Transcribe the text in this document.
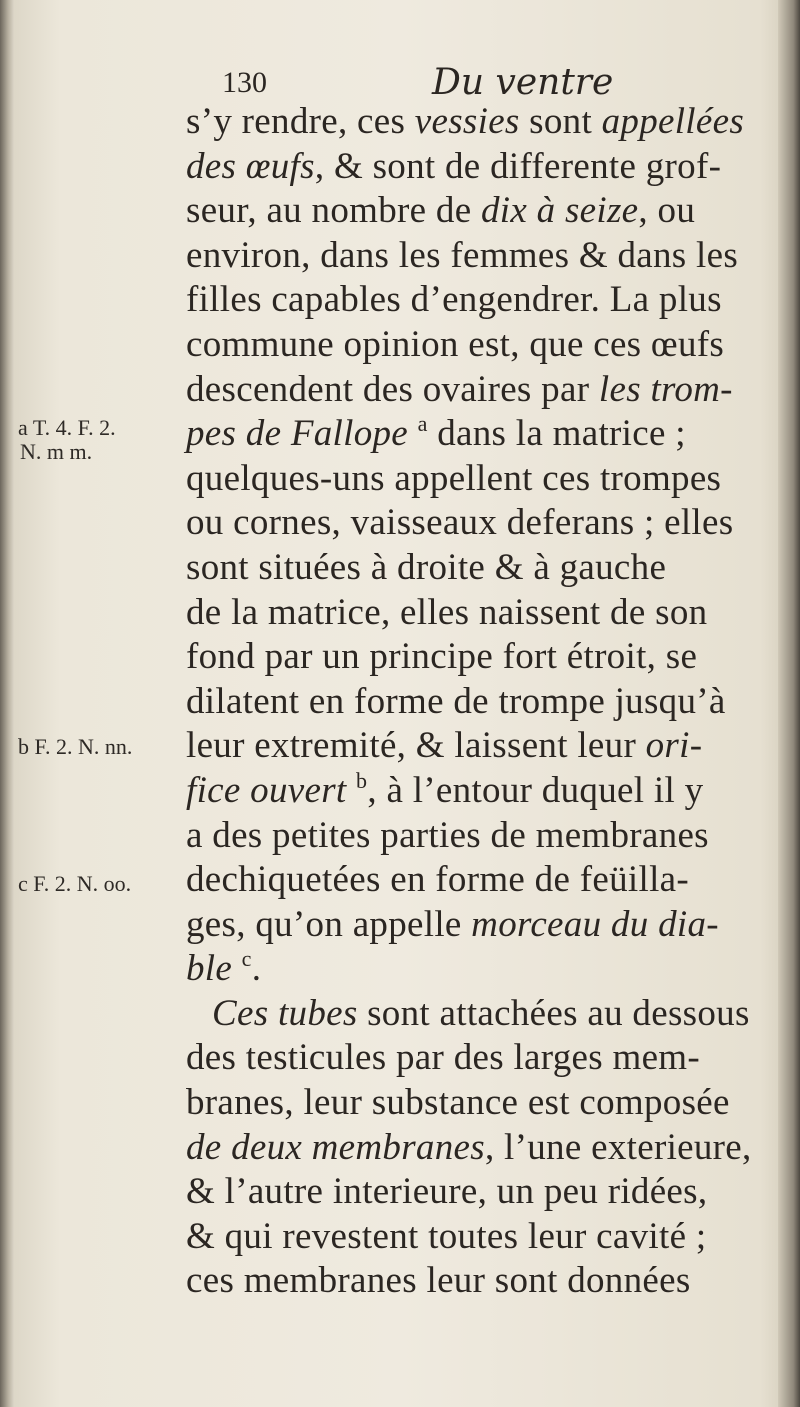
130	Du ventre
a T. 4. F. 2.
N. m m.
b F. 2. N. nn.
c F. 2. N. oo.
s’y rendre, ces vessies sont appellées
des œufs, & sont de differente grof-
seur, au nombre de dix à seize, ou
environ, dans les femmes & dans les
filles capables d’engendrer. La plus
commune opinion est, que ces œufs
descendent des ovaires par les trom-
pes de Fallope $^a$ dans la matrice ;
quelques-uns appellent ces trompes
ou cornes, vaisseaux deferans ; elles
sont situées à droite & à gauche
de la matrice, elles naissent de son
fond par un principe fort étroit, se
dilatent en forme de trompe jusqu’à
leur extremité, & laissent leur ori-
fice ouvert $^b$, à l’entour duquel il y
a des petites parties de membranes
dechiquetées en forme de feüilla-
ges, qu’on appelle morceau du dia-
ble $^c$.
Ces tubes sont attachées au dessous
des testicules par des larges mem-
branes, leur substance est composée
de deux membranes, l’une exterieure,
& l’autre interieure, un peu ridées,
& qui revestent toutes leur cavité ;
ces membranes leur sont données
